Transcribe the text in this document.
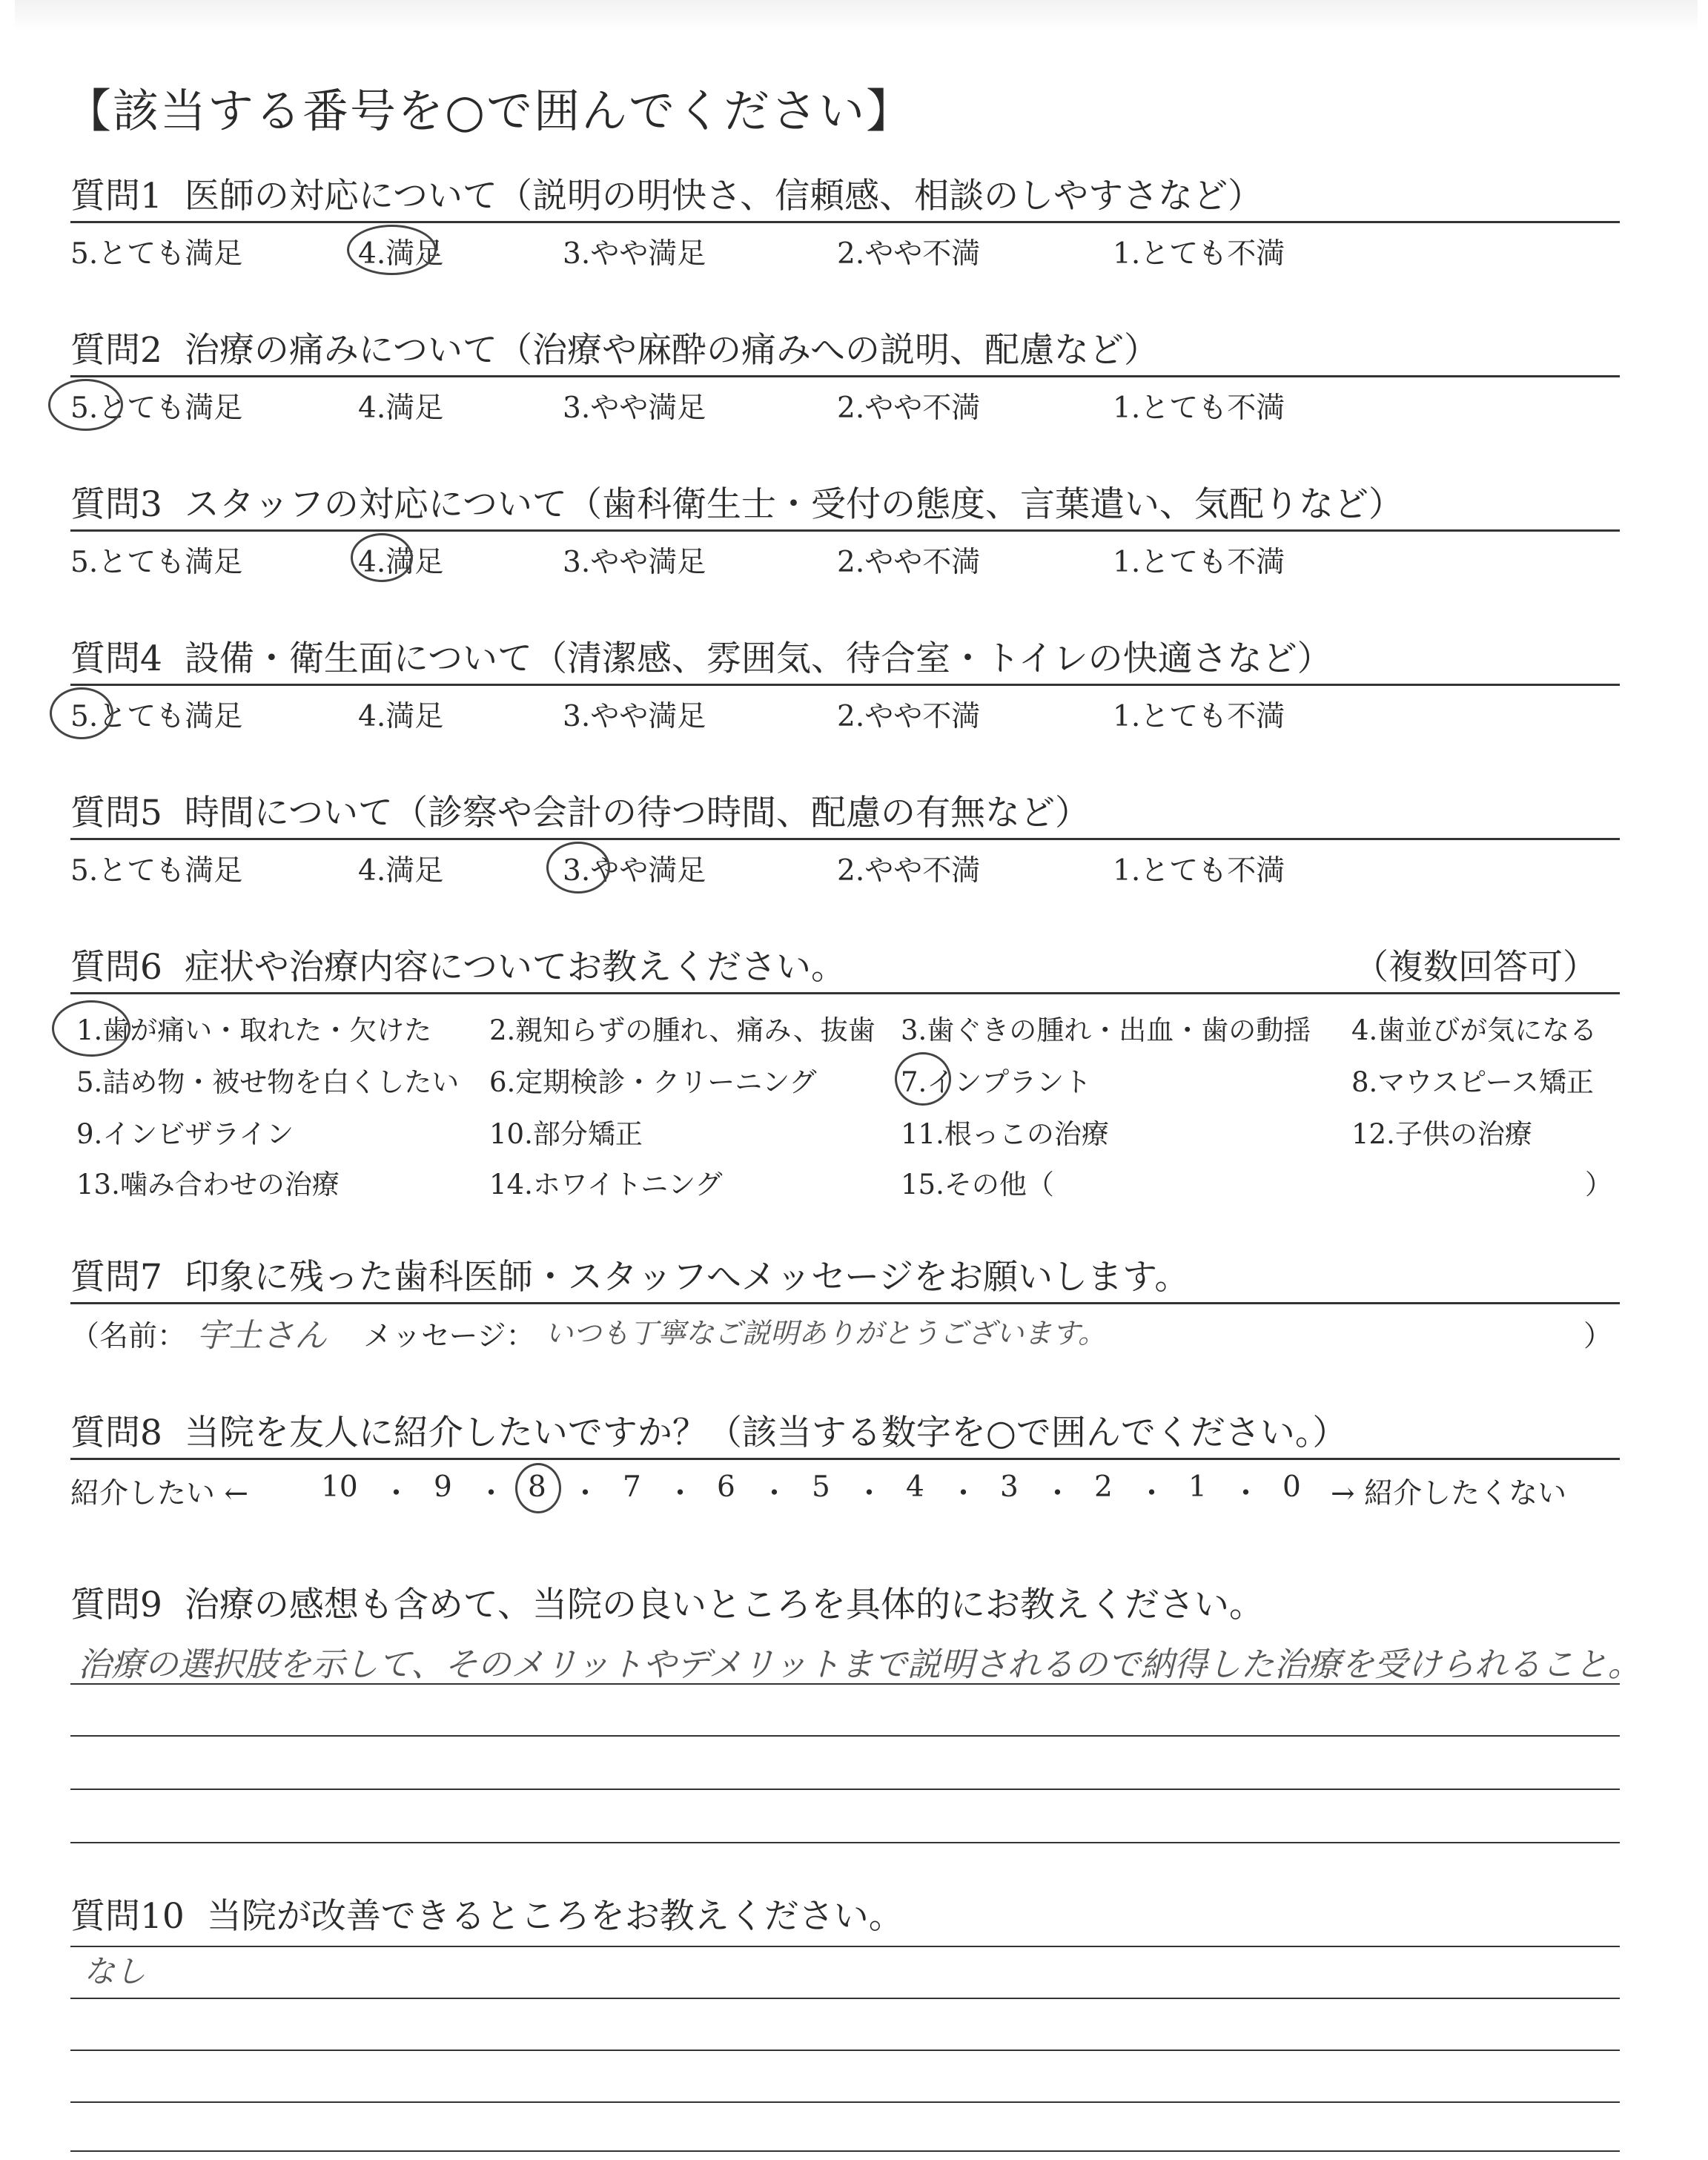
【該当する番号を○で囲んでください】
質問1 医師の対応について（説明の明快さ、信頼感、相談のしやすさなど）
5.とても満足	4.満足	3.やや満足	2.やや不満	1.とても不満
質問2 治療の痛みについて（治療や麻酔の痛みへの説明、配慮など）
5.とても満足	4.満足	3.やや満足	2.やや不満	1.とても不満
質問3 スタッフの対応について（歯科衛生士・受付の態度、言葉遣い、気配りなど）
5.とても満足	4.満足	3.やや満足	2.やや不満	1.とても不満
質問4 設備・衛生面について（清潔感、雰囲気、待合室・トイレの快適さなど）
5.とても満足	4.満足	3.やや満足	2.やや不満	1.とても不満
質問5 時間について（診察や会計の待つ時間、配慮の有無など）
5.とても満足	4.満足	3.やや満足	2.やや不満	1.とても不満
質問6 症状や治療内容についてお教えください。	（複数回答可）
1.歯が痛い・取れた・欠けた 2.親知らずの腫れ、痛み、抜歯 3.歯ぐきの腫れ・出血・歯の動揺 4.歯並びが気になる
5.詰め物・被せ物を白くしたい 6.定期検診・クリーニング	7.インプラント	8.マウスピース矯正
9.インビザライン	10.部分矯正	11.根っこの治療	12.子供の治療
13.噛み合わせの治療	14.ホワイトニング	15.その他（	）
質問7 印象に残った歯科医師・スタッフへメッセージをお願いします。
（名前： 宇土さん メッセージ： いつも丁寧なご説明ありがとうございます。	）
質問8 当院を友人に紹介したいですか？（該当する数字を○で囲んでください。）
紹介したい ←	10 ・ 9 ・ 8 ・ 7 ・ 6 ・ 5 ・ 4 ・ 3 ・ 2 ・ 1 ・ 0 → 紹介したくない
質問9 治療の感想も含めて、当院の良いところを具体的にお教えください。
治療の選択肢を示して、そのメリットやデメリットまで説明されるので納得した治療を受けられること。
質問10 当院が改善できるところをお教えください。
なし
